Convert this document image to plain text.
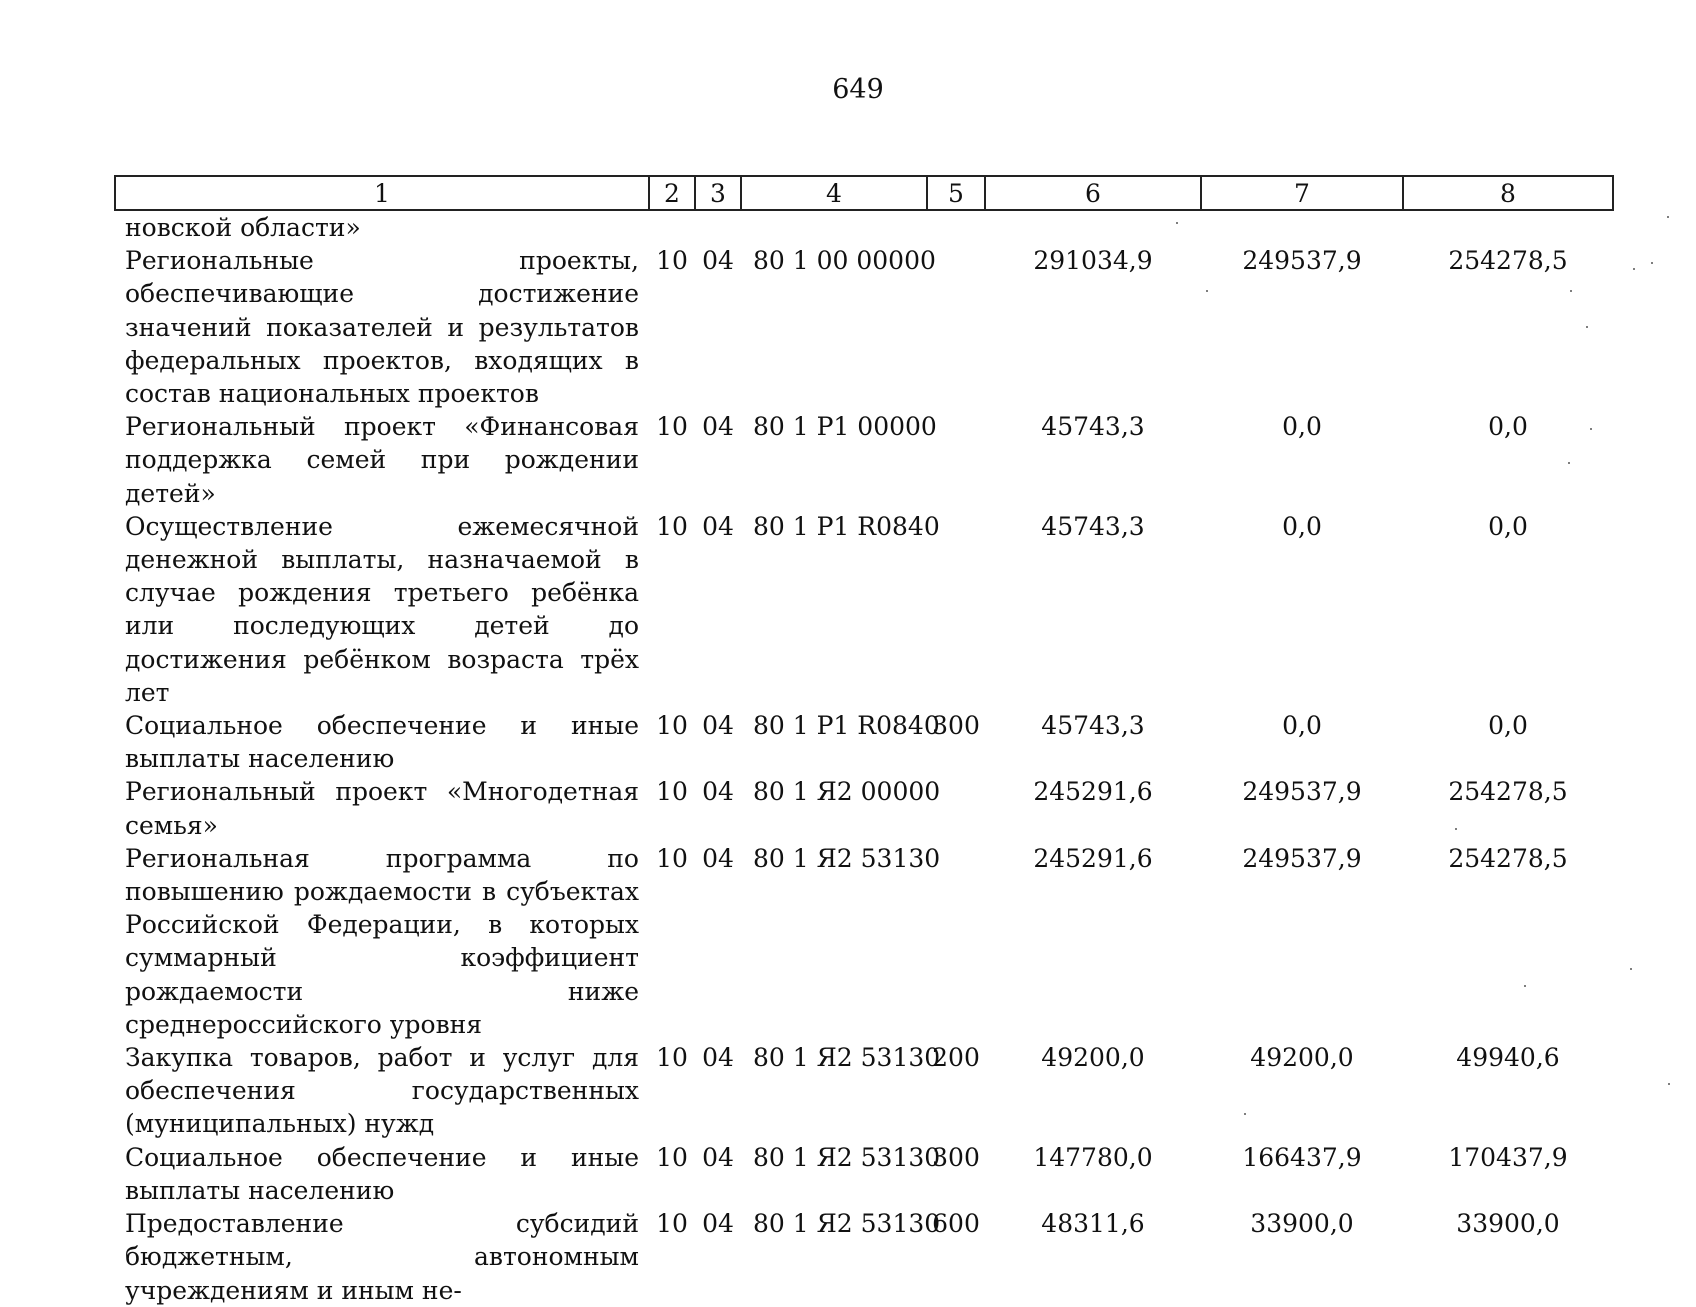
649
1	2	3	4	5	6	7	8
новской области»							
Региональные проекты, обеспечивающие достижение значений показателей и результатов федеральных проектов, входящих в состав национальных проектов	10	04	80 1 00 00000		291034,9	249537,9	254278,5
Региональный проект «Финансовая поддержка семей при рождении детей»	10	04	80 1 Р1 00000		45743,3	0,0	0,0
Осуществление ежемесячной денежной выплаты, назначаемой в случае рождения третьего ребёнка или последующих детей до достижения ребёнком возраста трёх лет	10	04	80 1 Р1 R0840		45743,3	0,0	0,0
Социальное обеспечение и иные выплаты населению	10	04	80 1 Р1 R0840	300	45743,3	0,0	0,0
Региональный проект «Многодетная семья»	10	04	80 1 Я2 00000		245291,6	249537,9	254278,5
Региональная программа по повышению рождаемости в субъектах Российской Федерации, в которых суммарный коэффициент рождаемости ниже среднероссийского уровня	10	04	80 1 Я2 53130		245291,6	249537,9	254278,5
Закупка товаров, работ и услуг для обеспечения государственных (муниципальных) нужд	10	04	80 1 Я2 53130	200	49200,0	49200,0	49940,6
Социальное обеспечение и иные выплаты населению	10	04	80 1 Я2 53130	300	147780,0	166437,9	170437,9
Предоставление субсидий бюджетным, автономным учреждениям и иным не-	10	04	80 1 Я2 53130	600	48311,6	33900,0	33900,0
